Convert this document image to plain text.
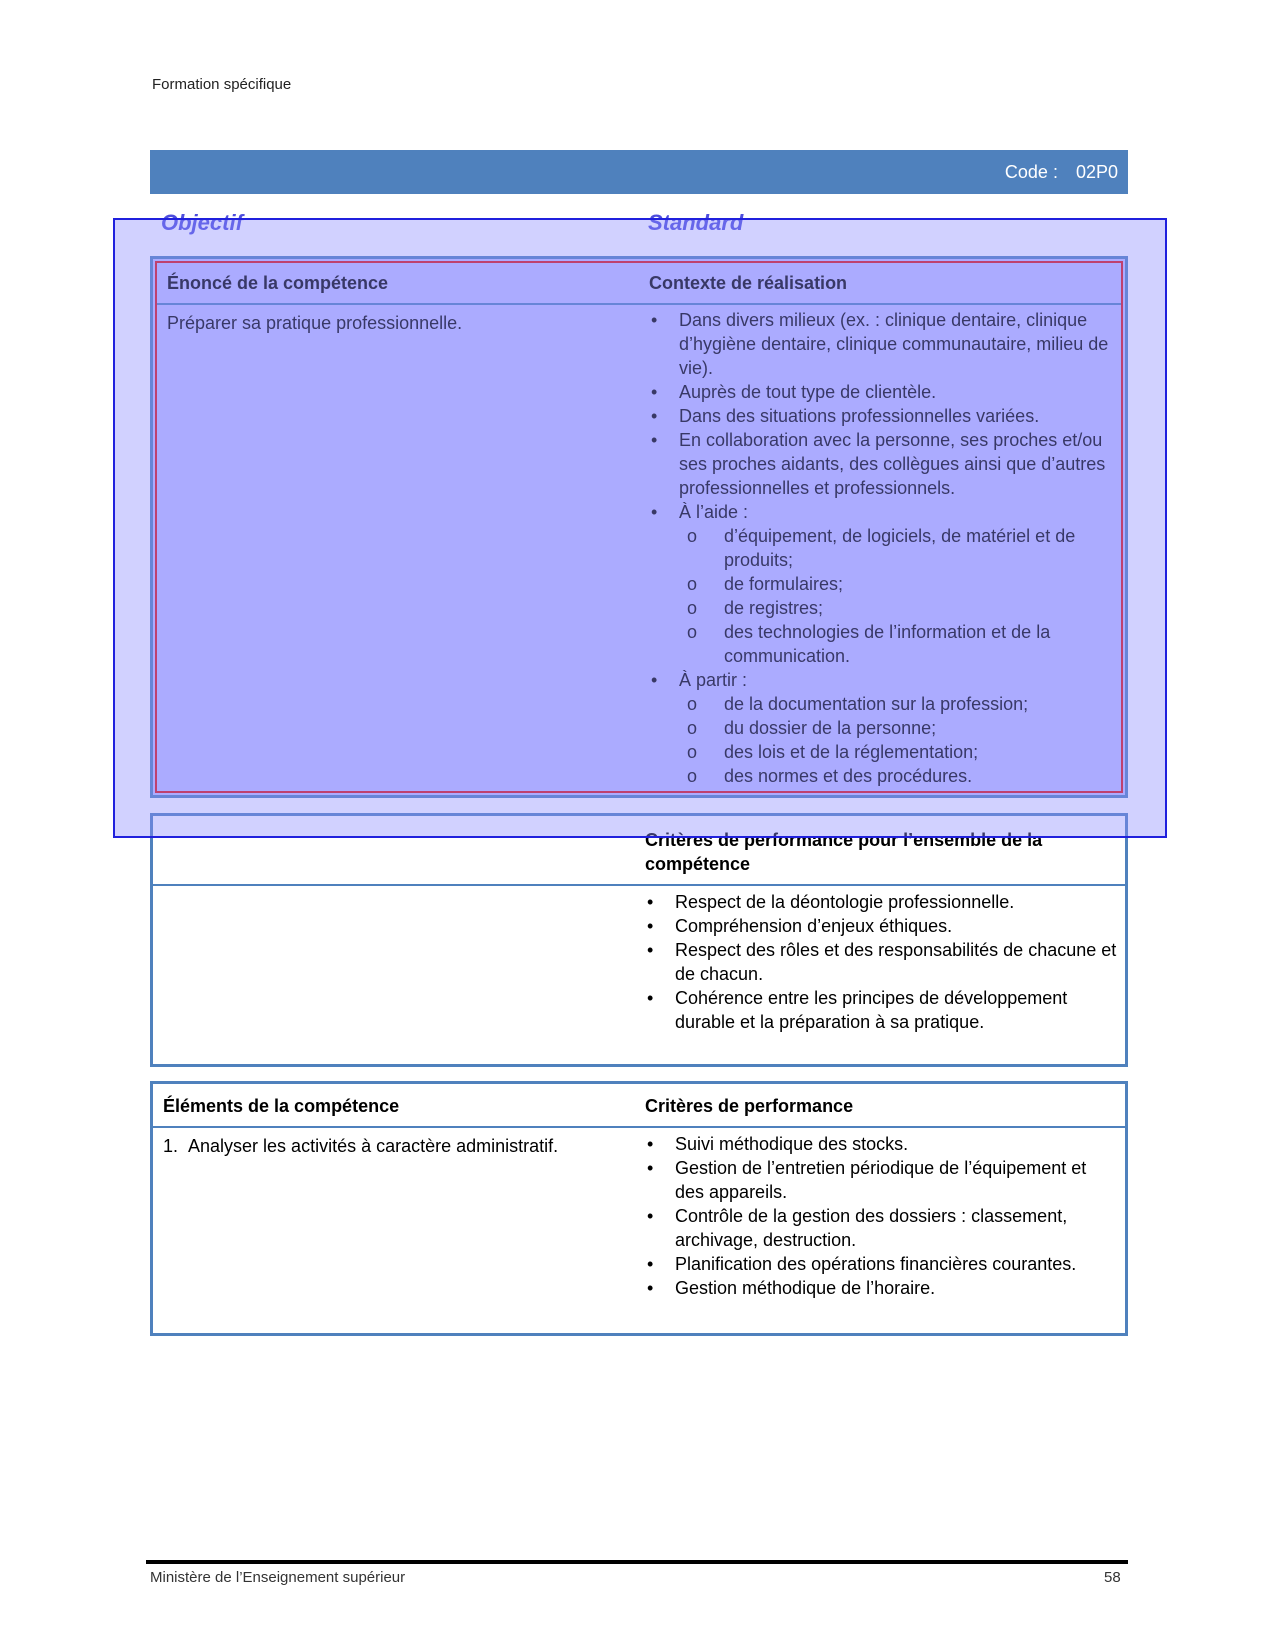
Formation spécifique
Code : 02P0
Objectif	Standard
Énoncé de la compétence	Contexte de réalisation
Préparer sa pratique professionnelle.	• Dans divers milieux (ex. : clinique dentaire, clinique d’hygiène dentaire, clinique communautaire, milieu de vie).
• Auprès de tout type de clientèle.
• Dans des situations professionnelles variées.
• En collaboration avec la personne, ses proches et/ou ses proches aidants, des collègues ainsi que d’autres professionnelles et professionnels.
• À l’aide :
o d’équipement, de logiciels, de matériel et de produits;
o de formulaires;
o de registres;
o des technologies de l’information et de la communication.
• À partir :
o de la documentation sur la profession;
o du dossier de la personne;
o des lois et de la réglementation;
o des normes et des procédures.
Critères de performance pour l’ensemble de la compétence
• Respect de la déontologie professionnelle.
• Compréhension d’enjeux éthiques.
• Respect des rôles et des responsabilités de chacune et de chacun.
• Cohérence entre les principes de développement durable et la préparation à sa pratique.
Éléments de la compétence	Critères de performance
1.  Analyser les activités à caractère administratif.	• Suivi méthodique des stocks.
• Gestion de l’entretien périodique de l’équipement et des appareils.
• Contrôle de la gestion des dossiers : classement, archivage, destruction.
• Planification des opérations financières courantes.
• Gestion méthodique de l’horaire.
Ministère de l’Enseignement supérieur	58
